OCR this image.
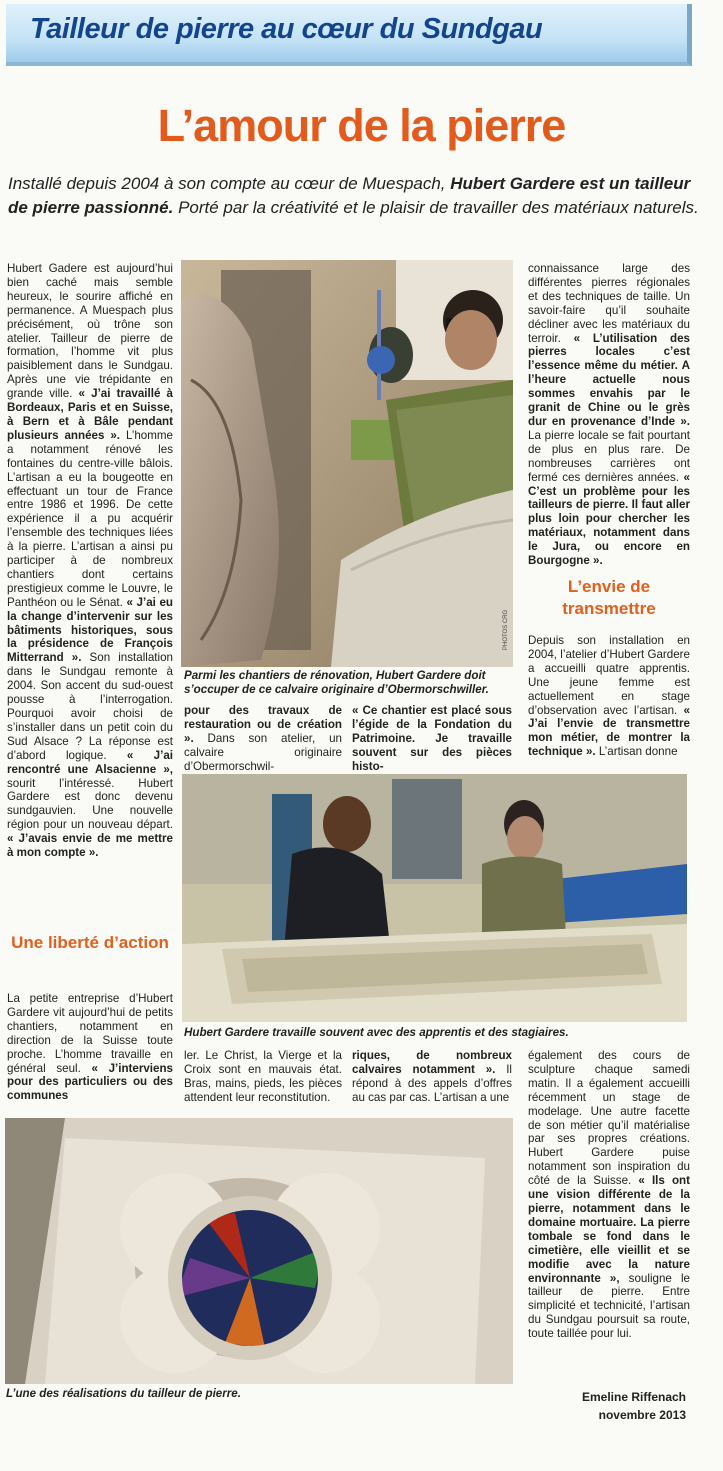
Tailleur de pierre au cœur du Sundgau
L’amour de la pierre
Installé depuis 2004 à son compte au cœur de Muespach, Hubert Gardere est un tailleur de pierre passionné. Porté par la créativité et le plaisir de travailler des matériaux naturels.

Hubert Gadere est aujourd’hui bien caché mais semble heureux, le sourire affiché en permanence. A Muespach plus précisément, où trône son atelier. Tailleur de pierre de formation, l’homme vit plus paisiblement dans le Sundgau. Après une vie trépidante en grande ville. « J’ai travaillé à Bordeaux, Paris et en Suisse, à Bern et à Bâle pendant plusieurs années ». L’homme a notamment rénové les fontaines du centre-ville bâlois. L’artisan a eu la bougeotte en effectuant un tour de France entre 1986 et 1996. De cette expérience il a pu acquérir l’ensemble des techniques liées à la pierre. L’artisan a ainsi pu participer à de nombreux chantiers dont certains prestigieux comme le Louvre, le Panthéon ou le Sénat. « J’ai eu la change d’intervenir sur les bâtiments historiques, sous la présidence de François Mitterrand ». Son installation dans le Sundgau remonte à 2004. Son accent du sud-ouest pousse à l’interrogation. Pourquoi avoir choisi de s’installer dans un petit coin du Sud Alsace ? La réponse est d’abord logique. « J’ai rencontré une Alsacienne », sourit l’intéressé. Hubert Gardere est donc devenu sundgauvien. Une nouvelle région pour un nouveau départ. « J’avais envie de me mettre à mon compte ».

Une liberté d’action

La petite entreprise d’Hubert Gardere vit aujourd’hui de petits chantiers, notamment en direction de la Suisse toute proche. L’homme travaille en général seul. « J’interviens pour des particuliers ou des communes

PHOTOS CRG
Parmi les chantiers de rénovation, Hubert Gardere doit s’occuper de ce calvaire originaire d’Obermorschwiller.

pour des travaux de restauration ou de création ». Dans son atelier, un calvaire originaire d’Obermorschwil-

« Ce chantier est placé sous l’égide de la Fondation du Patrimoine. Je travaille souvent sur des pièces histo-

connaissance large des différentes pierres régionales et des techniques de taille. Un savoir-faire qu’il souhaite décliner avec les matériaux du terroir. « L’utilisation des pierres locales c’est l’essence même du métier. A l’heure actuelle nous sommes envahis par le granit de Chine ou le grès dur en provenance d’Inde ». La pierre locale se fait pourtant de plus en plus rare. De nombreuses carrières ont fermé ces dernières années. « C’est un problème pour les tailleurs de pierre. Il faut aller plus loin pour chercher les matériaux, notamment dans le Jura, ou encore en Bourgogne ».

L’envie de transmettre

Depuis son installation en 2004, l’atelier d’Hubert Gardere a accueilli quatre apprentis. Une jeune femme est actuellement en stage d’observation avec l’artisan. « J’ai l’envie de transmettre mon métier, de montrer la technique ». L’artisan donne

Hubert Gardere travaille souvent avec des apprentis et des stagiaires.

ler. Le Christ, la Vierge et la Croix sont en mauvais état. Bras, mains, pieds, les pièces attendent leur reconstitution.

riques, de nombreux calvaires notamment ». Il répond à des appels d’offres au cas par cas. L’artisan a une

également des cours de sculpture chaque samedi matin. Il a également accueilli récemment un stage de modelage. Une autre facette de son métier qu’il matérialise par ses propres créations. Hubert Gardere puise notamment son inspiration du côté de la Suisse. « Ils ont une vision différente de la pierre, notamment dans le domaine mortuaire. La pierre tombale se fond dans le cimetière, elle vieillit et se modifie avec la nature environnante », souligne le tailleur de pierre. Entre simplicité et technicité, l’artisan du Sundgau poursuit sa route, toute taillée pour lui.

L’une des réalisations du tailleur de pierre.	Emeline Riffenach
novembre 2013
